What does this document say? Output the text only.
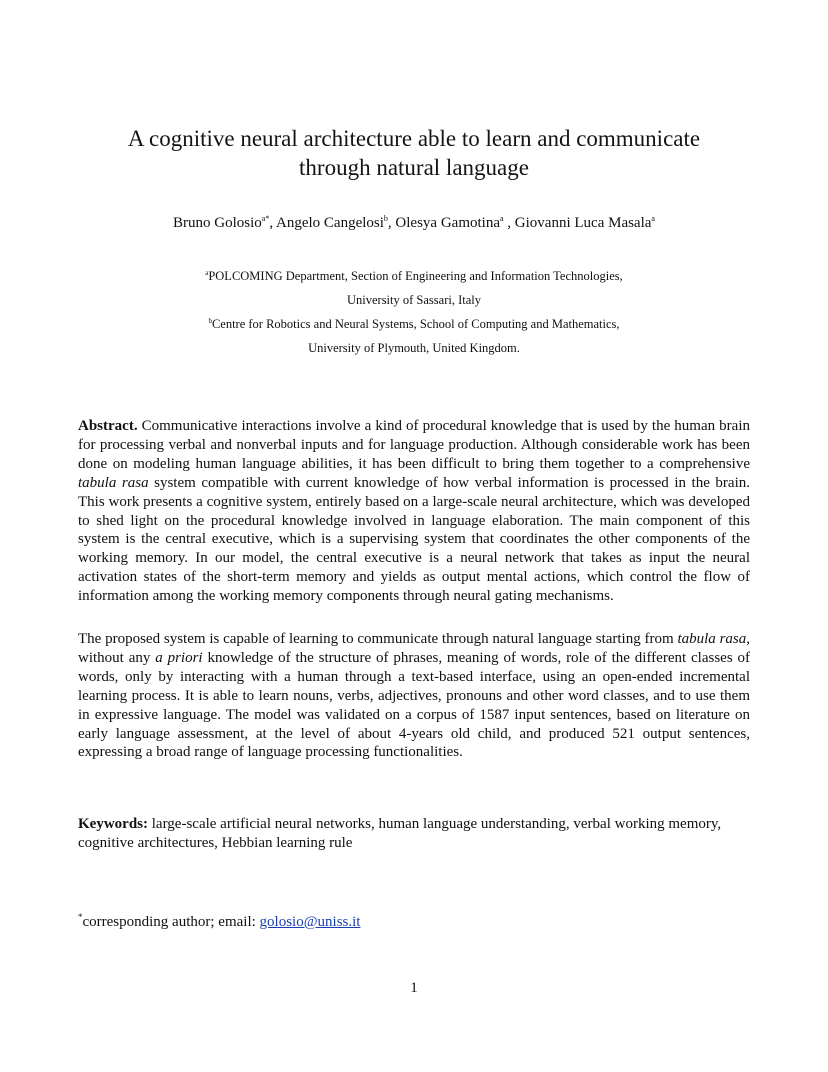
A cognitive neural architecture able to learn and communicate
through natural language
Bruno Golosio$^{a*}$, Angelo Cangelosi$^b$, Olesya Gamotina$^a$ , Giovanni Luca Masala$^a$
$^a$POLCOMING Department, Section of Engineering and Information Technologies,
University of Sassari, Italy
$^b$Centre for Robotics and Neural Systems, School of Computing and Mathematics,
University of Plymouth, United Kingdom.

Abstract. Communicative interactions involve a kind of procedural knowledge that is used by the human brain for processing verbal and nonverbal inputs and for language production. Although considerable work has been done on modeling human language abilities, it has been difficult to bring them together to a comprehensive tabula rasa system compatible with current knowledge of how verbal information is processed in the brain. This work presents a cognitive system, entirely based on a large-scale neural architecture, which was developed to shed light on the procedural knowledge involved in language elaboration. The main component of this system is the central executive, which is a supervising system that coordinates the other components of the working memory. In our model, the central executive is a neural network that takes as input the neural activation states of the short-term memory and yields as output mental actions, which control the flow of information among the working memory components through neural gating mechanisms.

The proposed system is capable of learning to communicate through natural language starting from tabula rasa, without any a priori knowledge of the structure of phrases, meaning of words, role of the different classes of words, only by interacting with a human through a text-based interface, using an open-ended incremental learning process. It is able to learn nouns, verbs, adjectives, pronouns and other word classes, and to use them in expressive language. The model was validated on a corpus of 1587 input sentences, based on literature on early language assessment, at the level of about 4-years old child, and produced 521 output sentences, expressing a broad range of language processing functionalities.

Keywords: large-scale artificial neural networks, human language understanding, verbal working memory, cognitive architectures, Hebbian learning rule

*corresponding author; email: golosio@uniss.it
1
